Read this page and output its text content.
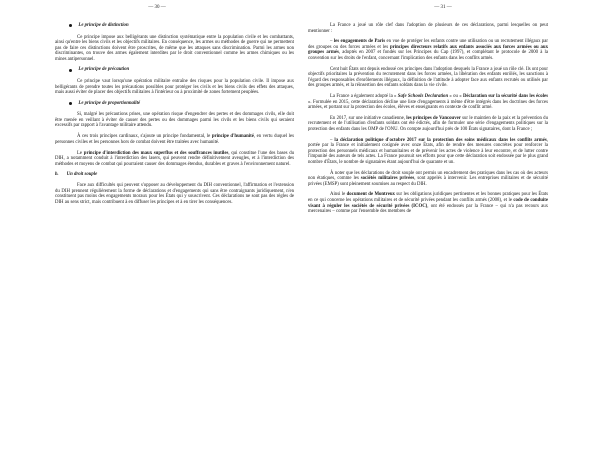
— 30 —
Le principe de distinction

Ce principe impose aux belligérants une distinction systématique entre la population civile et les combattants, ainsi qu'entre les biens civils et les objectifs militaires. En conséquence, les armes ou méthodes de guerre qui ne permettent pas de faire ces distinctions doivent être proscrites, de même que les attaques sans discrimination. Parmi les armes non discriminantes, on trouve des armes également interdites par le droit conventionnel comme les armes chimiques ou les mines antipersonnel.

Le principe de précaution

Ce principe vaut lorsqu'une opération militaire entraîne des risques pour la population civile. Il impose aux belligérants de prendre toutes les précautions possibles pour protéger les civils et les biens civils des effets des attaques, mais aussi éviter de placer des objectifs militaires à l'intérieur ou à proximité de zones fortement peuplées.

Le principe de proportionnalité

Si, malgré les précautions prises, une opération risque d'engendrer des pertes et des dommages civils, elle doit être menée en veillant à éviter de causer des pertes ou des dommages parmi les civils et les biens civils qui seraient excessifs par rapport à l'avantage militaire attendu.

À ces trois principes cardinaux, s'ajoute un principe fondamental, le principe d'humanité, en vertu duquel les personnes civiles et les personnes hors de combat doivent être traitées avec humanité.

Le principe d'interdiction des maux superflus et des souffrances inutiles, qui constitue l'une des bases du DIH, a notamment conduit à l'interdiction des lasers, qui peuvent rendre définitivement aveugles, et à l'interdiction des méthodes et moyens de combat qui pourraient causer des dommages étendus, durables et graves à l'environnement naturel.

b. Un droit souple

Face aux difficultés qui peuvent s'opposer au développement du DIH conventionnel, l'affirmation et l'extension du DIH prennent régulièrement la forme de déclarations et d'engagements qui sans être contraignants juridiquement, n'en constituent pas moins des engagements moraux pour les États qui y souscrivent. Ces déclarations ne sont pas des règles de DIH au sens strict, mais contribuent à en diffuser les principes et à en tirer les conséquences.

— 31 —

La France a joué un rôle clef dans l'adoption de plusieurs de ces déclarations, parmi lesquelles on peut mentionner :

– les engagements de Paris en vue de protéger les enfants contre une utilisation ou un recrutement illégaux par des groupes ou des forces armées et les principes directeurs relatifs aux enfants associés aux forces armées ou aux groupes armés, adoptés en 2007 et fondés sur les Principes du Cap (1997), et complétant le protocole de 2000 à la convention sur les droits de l'enfant, concernant l'implication des enfants dans les conflits armés.

Cent huit États ont depuis endossé ces principes dans l'adoption desquels la France a joué un rôle clé. Ils ont pour objectifs prioritaires la prévention du recrutement dans les forces armées, la libération des enfants enrôlés, les sanctions à l'égard des responsables d'enrôlements illégaux, la définition de l'attitude à adopter face aux enfants recrutés ou utilisés par des groupes armés, et la réinsertion des enfants soldats dans la vie civile.

La France a également adopté la « Safe Schools Declaration » ou « Déclaration sur la sécurité dans les écoles ». Formulée en 2015, cette déclaration décline une liste d'engagements à même d'être intégrés dans les doctrines des forces armées, et portant sur la protection des écoles, élèves et enseignants en contexte de conflit armé.

En 2017, sur une initiative canadienne, les principes de Vancouver sur le maintien de la paix et la prévention du recrutement et de l'utilisation d'enfants soldats ont été édictés, afin de formuler une série d'engagements politiques sur la protection des enfants dans les OMP de l'ONU. On compte aujourd'hui près de 100 États signataires, dont la France ;

– la déclaration politique d'octobre 2017 sur la protection des soins médicaux dans les conflits armés, portée par la France et initialement cosignée avec onze États, afin de rendre des mesures concrètes pour renforcer la protection des personnels médicaux et humanitaires et de prévenir les actes de violence à leur encontre, et de lutter contre l'impunité des auteurs de tels actes. La France poursuit ses efforts pour que cette déclaration soit endossée par le plus grand nombre d'États, le nombre de signataires étant aujourd'hui de quarante et un.

À noter que les déclarations de droit souple ont permis un encadrement des pratiques dans les cas où des acteurs non étatiques, comme les sociétés militaires privées, sont appelés à intervenir. Les entreprises militaires et de sécurité privées (EMSP) sont pleinement soumises au respect du DIH.

Ainsi le document de Montreux sur les obligations juridiques pertinentes et les bonnes pratiques pour les États en ce qui concerne les opérations militaires et de sécurité privées pendant les conflits armés (2008), et le code de conduite visant à réguler les sociétés de sécurité privées (ICOC), ont été endossés par la France – qui n'a pas recours aux mercenaires – comme par l'ensemble des membres de
